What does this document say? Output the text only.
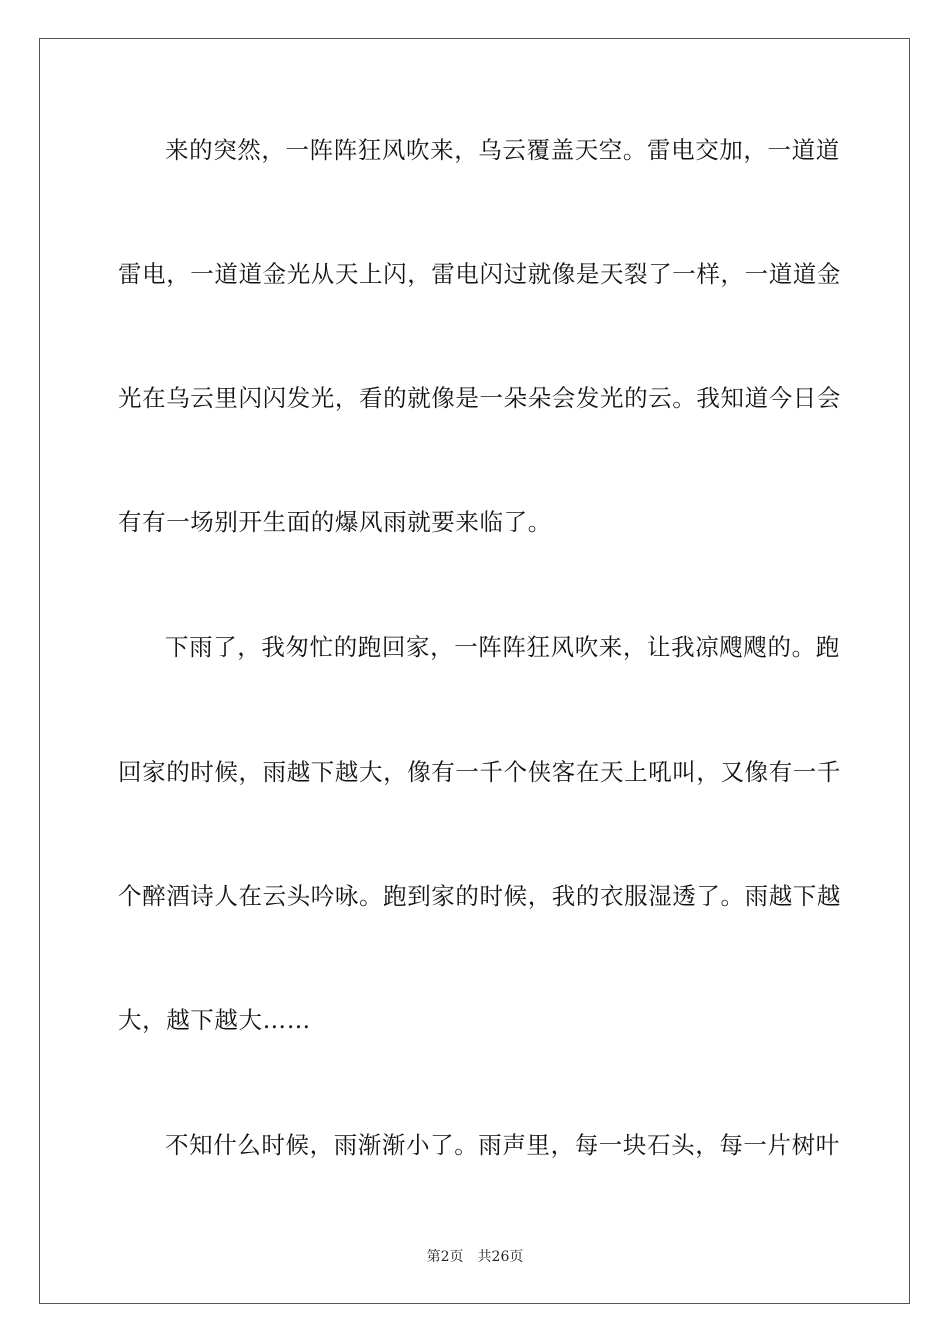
来的突然，一阵阵狂风吹来，乌云覆盖天空。雷电交加，一道道
雷电，一道道金光从天上闪，雷电闪过就像是天裂了一样，一道道金
光在乌云里闪闪发光，看的就像是一朵朵会发光的云。我知道今日会
有有一场别开生面的爆风雨就要来临了。
下雨了，我匆忙的跑回家，一阵阵狂风吹来，让我凉飕飕的。跑
回家的时候，雨越下越大，像有一千个侠客在天上吼叫，又像有一千
个醉酒诗人在云头吟咏。跑到家的时候，我的衣服湿透了。雨越下越
大，越下越大……
不知什么时候，雨渐渐小了。雨声里，每一块石头，每一片树叶
第2页 共26页
